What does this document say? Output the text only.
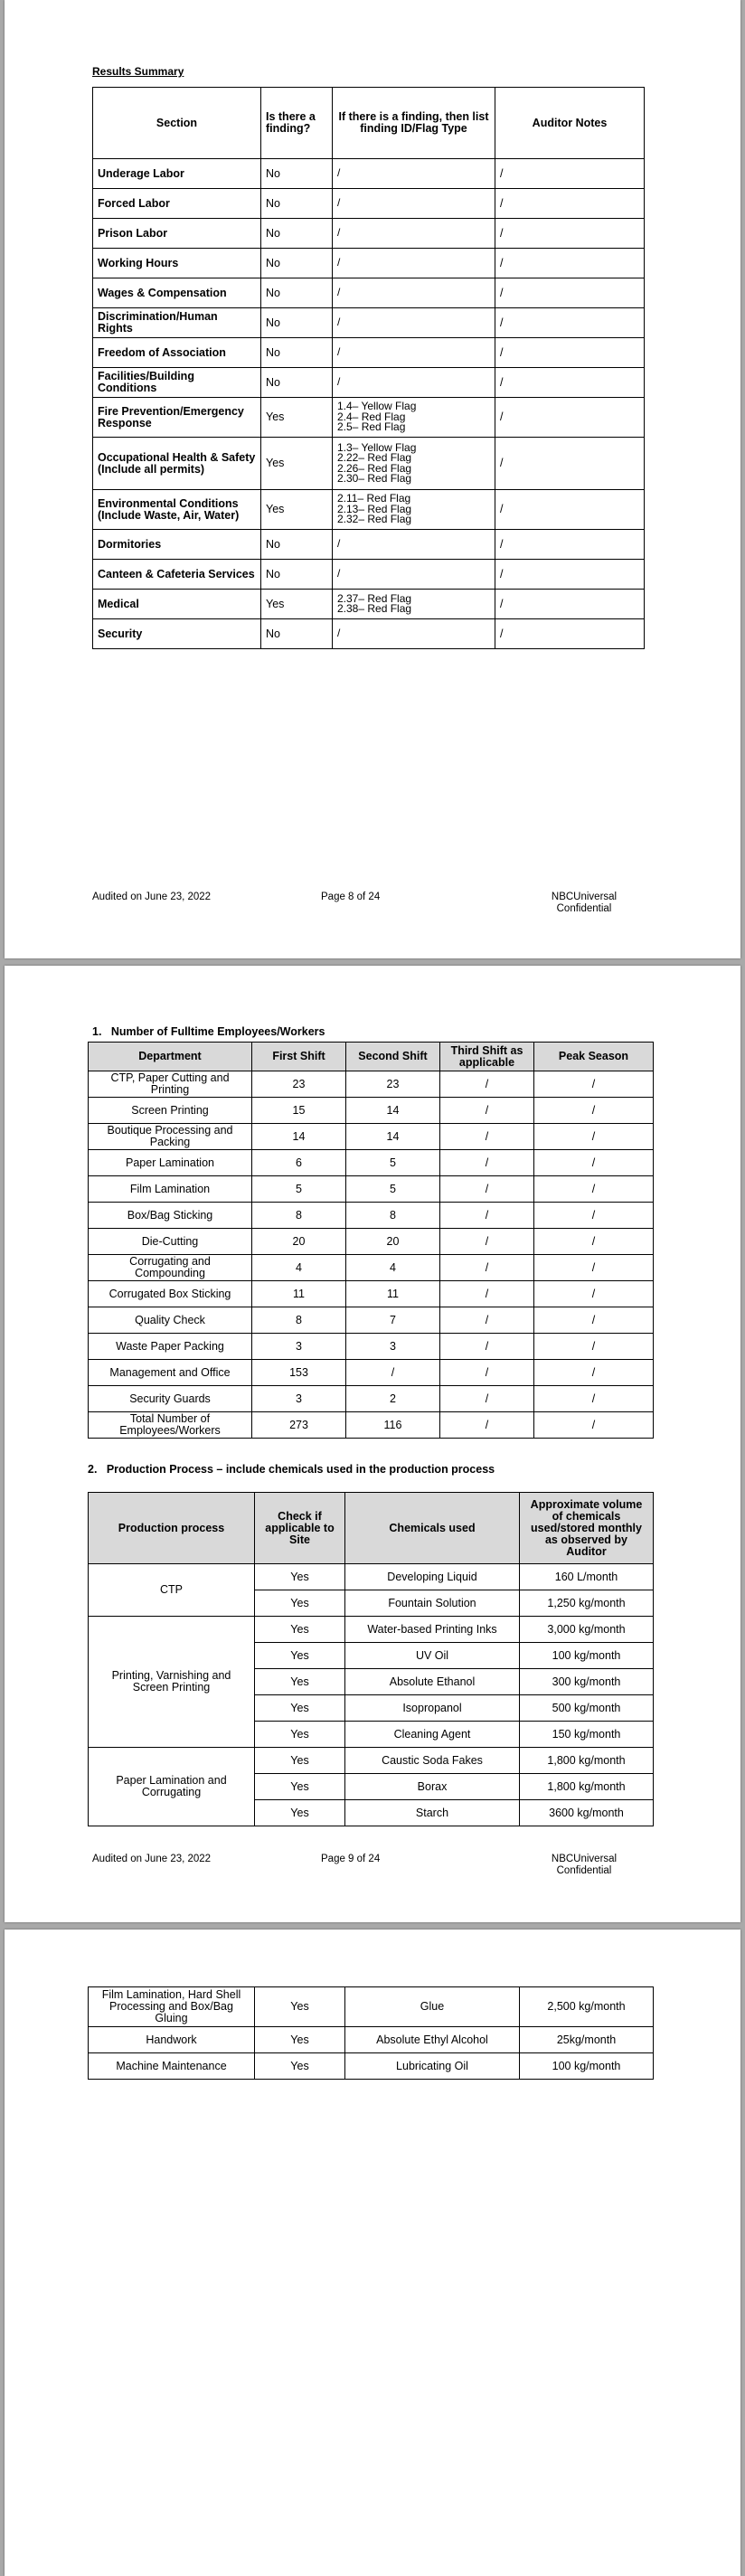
Results Summary

Section	Is there a finding?	If there is a finding, then list finding ID/Flag Type	Auditor Notes
Underage Labor	No	/	/
Forced Labor	No	/	/
Prison Labor	No	/	/
Working Hours	No	/	/
Wages & Compensation	No	/	/
Discrimination/Human Rights	No	/	/
Freedom of Association	No	/	/
Facilities/Building Conditions	No	/	/
Fire Prevention/Emergency Response	Yes	1.4– Yellow Flag
2.4– Red Flag
2.5– Red Flag	/
Occupational Health & Safety (Include all permits)	Yes	1.3– Yellow Flag
2.22– Red Flag
2.26– Red Flag
2.30– Red Flag	/
Environmental Conditions (Include Waste, Air, Water)	Yes	2.11– Red Flag
2.13– Red Flag
2.32– Red Flag	/
Dormitories	No	/	/
Canteen & Cafeteria Services	No	/	/
Medical	Yes	2.37– Red Flag
2.38– Red Flag	/
Security	No	/	/
Audited on June 23, 2022	Page 8 of 24	NBCUniversal
Confidential

1.   Number of Fulltime Employees/Workers

Department	First Shift	Second Shift	Third Shift as applicable	Peak Season
CTP, Paper Cutting and Printing	23	23	/	/
Screen Printing	15	14	/	/
Boutique Processing and Packing	14	14	/	/
Paper Lamination	6	5	/	/
Film Lamination	5	5	/	/
Box/Bag Sticking	8	8	/	/
Die-Cutting	20	20	/	/
Corrugating and Compounding	4	4	/	/
Corrugated Box Sticking	11	11	/	/
Quality Check	8	7	/	/
Waste Paper Packing	3	3	/	/
Management and Office	153	/	/	/
Security Guards	3	2	/	/
Total Number of Employees/Workers	273	116	/	/

2.   Production Process – include chemicals used in the production process

Production process	Check if applicable to Site	Chemicals used	Approximate volume of chemicals used/stored monthly as observed by Auditor
CTP	Yes	Developing Liquid	160 L/month
	Yes	Fountain Solution	1,250 kg/month
Printing, Varnishing and Screen Printing	Yes	Water-based Printing Inks	3,000 kg/month
	Yes	UV Oil	100 kg/month
	Yes	Absolute Ethanol	300 kg/month
	Yes	Isopropanol	500 kg/month
	Yes	Cleaning Agent	150 kg/month
Paper Lamination and Corrugating	Yes	Caustic Soda Fakes	1,800 kg/month
	Yes	Borax	1,800 kg/month
	Yes	Starch	3600 kg/month
Audited on June 23, 2022	Page 9 of 24	NBCUniversal
Confidential
Film Lamination, Hard Shell Processing and Box/Bag Gluing	Yes	Glue	2,500 kg/month
Handwork	Yes	Absolute Ethyl Alcohol	25kg/month
Machine Maintenance	Yes	Lubricating Oil	100 kg/month
